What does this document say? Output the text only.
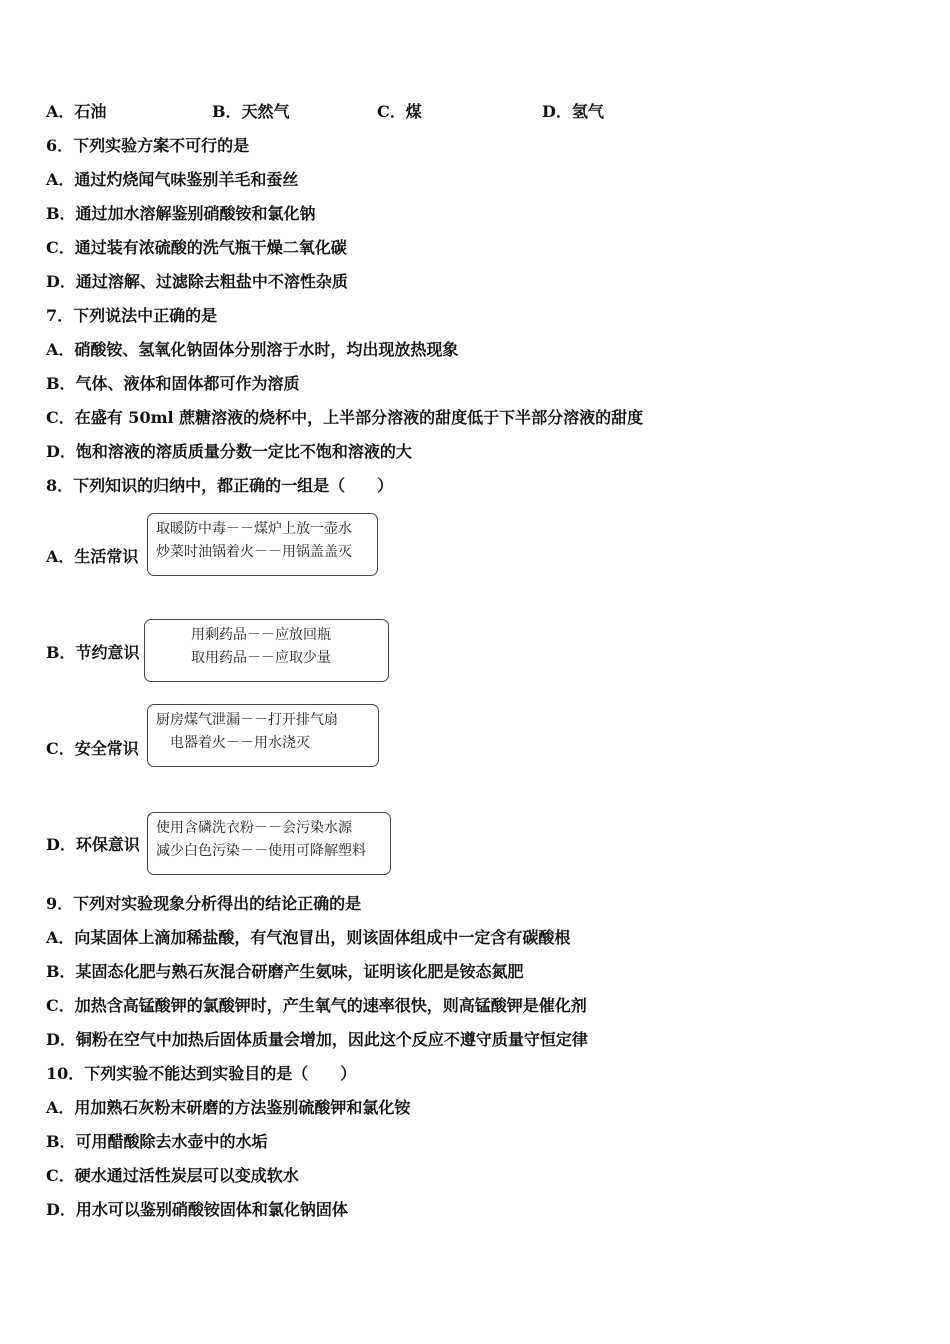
A．石油	B．天然气	C．煤	D．氢气
6．下列实验方案不可行的是
A．通过灼烧闻气味鉴别羊毛和蚕丝
B．通过加水溶解鉴别硝酸铵和氯化钠
C．通过装有浓硫酸的洗气瓶干燥二氧化碳
D．通过溶解、过滤除去粗盐中不溶性杂质
7．下列说法中正确的是
A．硝酸铵、氢氧化钠固体分别溶于水时，均出现放热现象
B．气体、液体和固体都可作为溶质
C．在盛有 50ml 蔗糖溶液的烧杯中，上半部分溶液的甜度低于下半部分溶液的甜度
D．饱和溶液的溶质质量分数一定比不饱和溶液的大
8．下列知识的归纳中，都正确的一组是（　　）
A．生活常识
取暖防中毒－－煤炉上放一壶水
炒菜时油锅着火－－用锅盖盖灭
B．节约意识
用剩药品－－应放回瓶
取用药品－－应取少量
C．安全常识
厨房煤气泄漏－－打开排气扇
电器着火－－用水浇灭
D．环保意识
使用含磷洗衣粉－－会污染水源
减少白色污染－－使用可降解塑料
9．下列对实验现象分析得出的结论正确的是
A．向某固体上滴加稀盐酸，有气泡冒出，则该固体组成中一定含有碳酸根
B．某固态化肥与熟石灰混合研磨产生氨味，证明该化肥是铵态氮肥
C．加热含高锰酸钾的氯酸钾时，产生氧气的速率很快，则高锰酸钾是催化剂
D．铜粉在空气中加热后固体质量会增加，因此这个反应不遵守质量守恒定律
10．下列实验不能达到实验目的是（　　）
A．用加熟石灰粉末研磨的方法鉴别硫酸钾和氯化铵
B．可用醋酸除去水壶中的水垢
C．硬水通过活性炭层可以变成软水
D．用水可以鉴别硝酸铵固体和氯化钠固体
